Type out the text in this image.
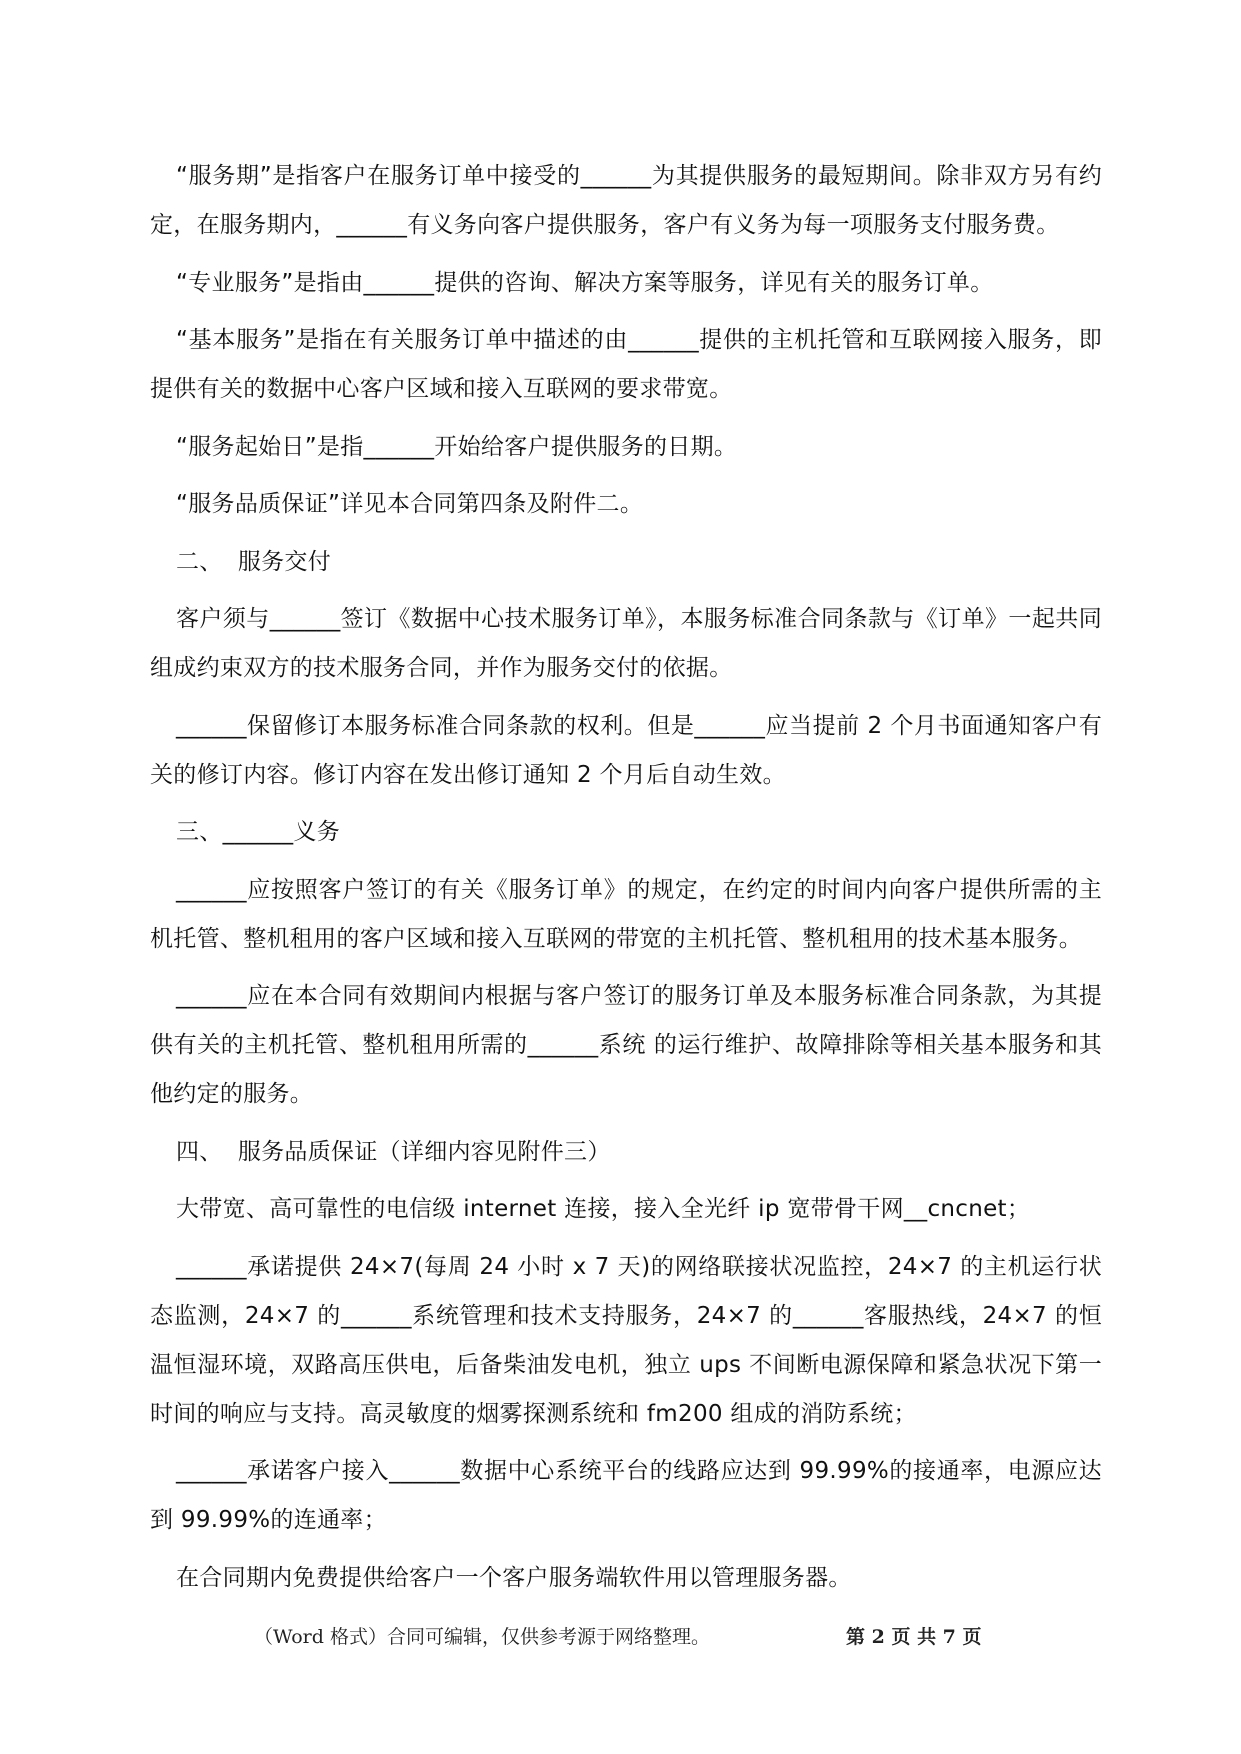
“服务期”是指客户在服务订单中接受的______为其提供服务的最短期间。除非双方另有约定，在服务期内，______有义务向客户提供服务，客户有义务为每一项服务支付服务费。

“专业服务”是指由______提供的咨询、解决方案等服务，详见有关的服务订单。

“基本服务”是指在有关服务订单中描述的由______提供的主机托管和互联网接入服务，即提供有关的数据中心客户区域和接入互联网的要求带宽。

“服务起始日”是指______开始给客户提供服务的日期。

“服务品质保证”详见本合同第四条及附件二。

二、  服务交付

客户须与______签订《数据中心技术服务订单》，本服务标准合同条款与《订单》一起共同组成约束双方的技术服务合同，并作为服务交付的依据。

______保留修订本服务标准合同条款的权利。但是______应当提前 2 个月书面通知客户有关的修订内容。修订内容在发出修订通知 2 个月后自动生效。

三、______义务

______应按照客户签订的有关《服务订单》的规定，在约定的时间内向客户提供所需的主机托管、整机租用的客户区域和接入互联网的带宽的主机托管、整机租用的技术基本服务。

______应在本合同有效期间内根据与客户签订的服务订单及本服务标准合同条款，为其提供有关的主机托管、整机租用所需的______系统 的运行维护、故障排除等相关基本服务和其他约定的服务。

四、  服务品质保证（详细内容见附件三）

大带宽、高可靠性的电信级 internet 连接，接入全光纤 ip 宽带骨干网__cncnet；

______承诺提供 24×7(每周 24 小时 x 7 天)的网络联接状况监控，24×7 的主机运行状态监测，24×7 的______系统管理和技术支持服务，24×7 的______客服热线，24×7 的恒温恒湿环境，双路高压供电，后备柴油发电机，独立 ups 不间断电源保障和紧急状况下第一时间的响应与支持。高灵敏度的烟雾探测系统和 fm200 组成的消防系统；

______承诺客户接入______数据中心系统平台的线路应达到 99.99%的接通率，电源应达到 99.99%的连通率；

在合同期内免费提供给客户一个客户服务端软件用以管理服务器。

（Word 格式）合同可编辑，仅供参考源于网络整理。	第 2 页 共 7 页
